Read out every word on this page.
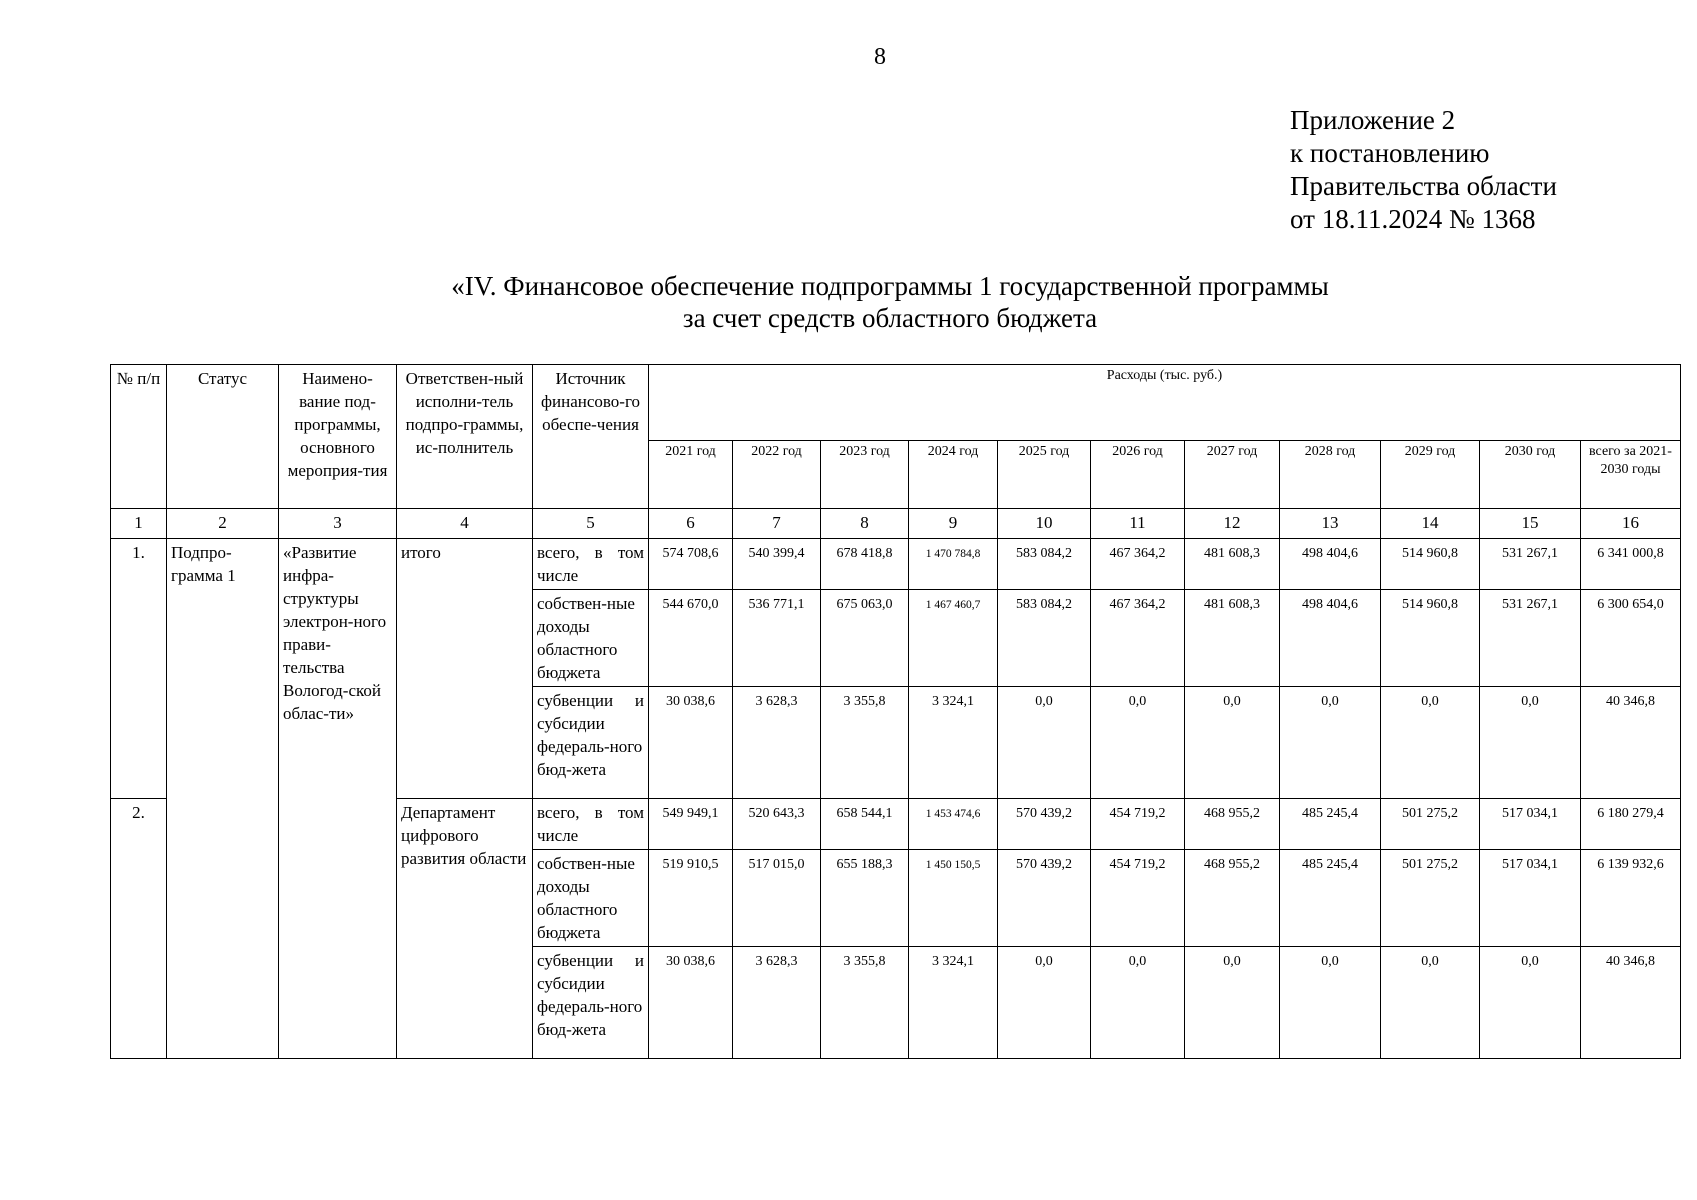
8
Приложение 2
к постановлению
Правительства области
от 18.11.2024 № 1368
«IV. Финансовое обеспечение подпрограммы 1 государственной программы
за счет средств областного бюджета
№ п/п	Статус	Наимено-вание под-программы, основного мероприя-тия	Ответствен-ный исполни-тель подпро-граммы, ис-полнитель	Источник финансово-го обеспе-чения	Расходы (тыс. руб.)										
					2021 год	2022 год	2023 год	2024 год	2025 год	2026 год	2027 год	2028 год	2029 год	2030 год	всего за 2021-2030 годы
1	2	3	4	5	6	7	8	9	10	11	12	13	14	15	16
1.	Подпро-грамма 1	«Развитие инфра-структуры электрон-ного прави-тельства Вологод-ской облас-ти»	итого	всего, в том числе	574 708,6	540 399,4	678 418,8	1 470 784,8	583 084,2	467 364,2	481 608,3	498 404,6	514 960,8	531 267,1	6 341 000,8
				собствен-ные доходы областного бюджета	544 670,0	536 771,1	675 063,0	1 467 460,7	583 084,2	467 364,2	481 608,3	498 404,6	514 960,8	531 267,1	6 300 654,0
				субвенции и субсидии федераль-ного бюд-жета	30 038,6	3 628,3	3 355,8	3 324,1	0,0	0,0	0,0	0,0	0,0	0,0	40 346,8
2.			Департамент цифрового развития области	всего, в том числе	549 949,1	520 643,3	658 544,1	1 453 474,6	570 439,2	454 719,2	468 955,2	485 245,4	501 275,2	517 034,1	6 180 279,4
				собствен-ные доходы областного бюджета	519 910,5	517 015,0	655 188,3	1 450 150,5	570 439,2	454 719,2	468 955,2	485 245,4	501 275,2	517 034,1	6 139 932,6
				субвенции и субсидии федераль-ного бюд-жета	30 038,6	3 628,3	3 355,8	3 324,1	0,0	0,0	0,0	0,0	0,0	0,0	40 346,8
